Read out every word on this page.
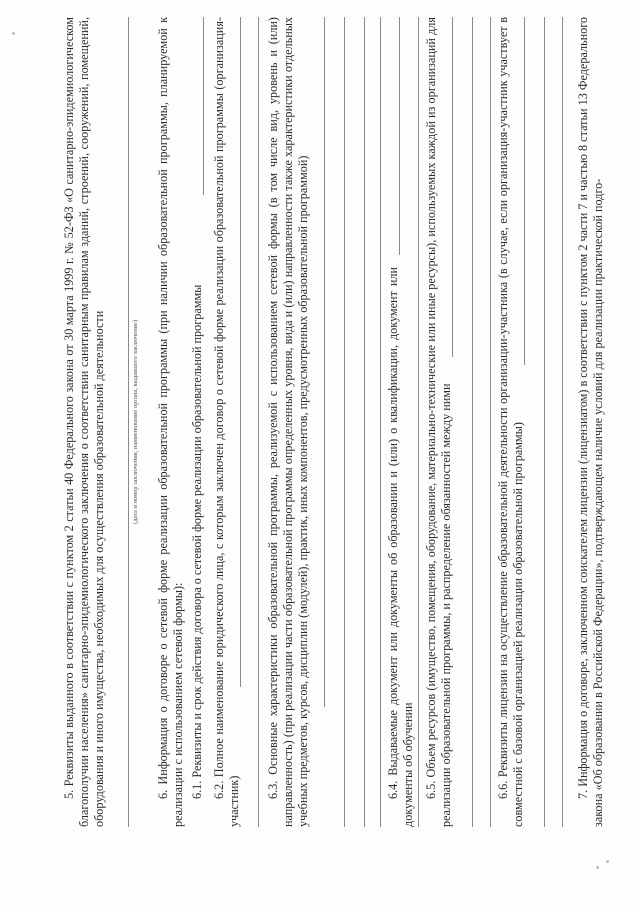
5. Реквизиты выданного в соответствии с пунктом 2 статьи 40 Федерального закона от 30 марта 1999 г. № 52-ФЗ «О санитарно-эпидемиологическом благополучии населения» санитарно-эпидемиологического заключения о соответствии санитарным правилам зданий, строений, сооружений, помещений, оборудования и иного имущества, необходимых для осуществления образовательной деятельности	(дата и номер заключения, наименование органа, выдавшего заключение) 6. Информация о договоре о сетевой форме реализации образовательной программы (при наличии образовательной программы, планируемой к реализации с использованием сетевой формы): 6.1. Реквизиты и срок действия договора о сетевой форме реализации образовательной программы 6.2. Полное наименование юридического лица, с которым заключен договор о сетевой форме реализации образовательной программы (организация-участник)
6.3. Основные характеристики образовательной программы, реализуемой с использованием сетевой формы (в том числе вид, уровень и (или) направленность) (при реализации части образовательной программы определенных уровня, вида и (или) направленности также характеристики отдельных учебных предметов, курсов, дисциплин (модулей), практик, иных компонентов, предусмотренных образовательной программой)	6.4. Выдаваемые документ или документы об образовании и (или) о квалификации, документ или документы об обучении 6.5. Объем ресурсов (имущество, помещения, оборудование, материально-технические или иные ресурсы), используемых каждой из организаций для реализации образовательной программы, и распределение обязанностей между ними	6.6. Реквизиты лицензии на осуществление образовательной деятельности организации-участника (в случае, если организация-участник участвует в совместной с базовой организацией реализации образовательной программы)	7. Информация о договоре, заключенном соискателем лицензии (лицензиатом) в соответствии с пунктом 2 части 7 и частью 8 статьи 13 Федерального закона «Об образовании в Российской Федерации», подтверждающем наличие условий для реализации практической подго-
